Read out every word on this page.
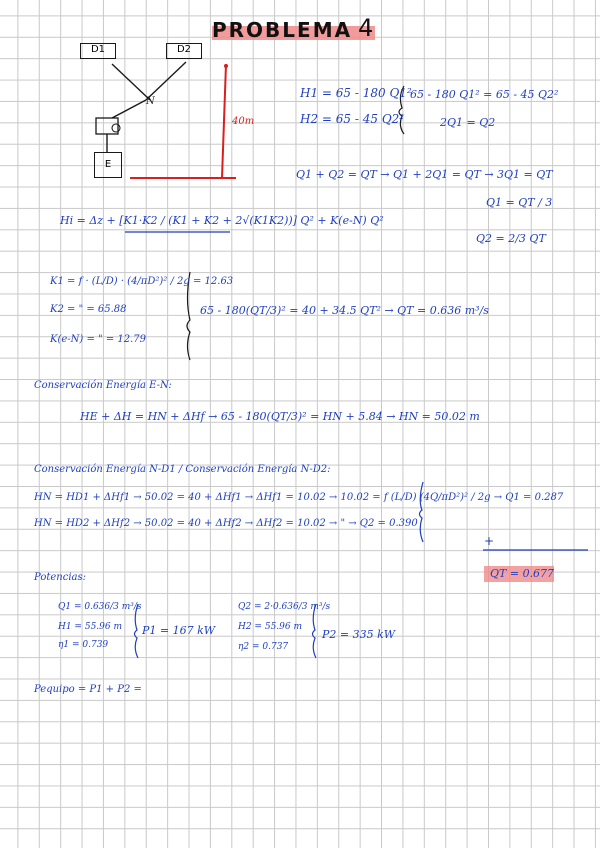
PROBLEMA 4
D1	D2
E
N
40m
H1 = 65 - 180 Q1²
H2 = 65 - 45 Q2²
65 - 180 Q1² = 65 - 45 Q2²
2Q1 = Q2
Q1 + Q2 = QT → Q1 + 2Q1 = QT → 3Q1 = QT
Q1 = QT / 3
Q2 = 2/3 QT
Hi = Δz + [K1·K2 / (K1 + K2 + 2√(K1K2))] Q² + K(e-N) Q²
K1 = f · (L/D) · (4/πD²)² / 2g = 12.63
K2 = " = 65.88
K(e-N) = " = 12.79
65 - 180(QT/3)² = 40 + 34.5 QT² → QT = 0.636 m³/s
Conservación Energía E-N:
HE + ΔH = HN + ΔHf → 65 - 180(QT/3)² = HN + 5.84 → HN = 50.02 m
Conservación Energía N-D1 / Conservación Energía N-D2:
HN = HD1 + ΔHf1 → 50.02 = 40 + ΔHf1 → ΔHf1 = 10.02 → 10.02 = f (L/D) (4Q/πD²)² / 2g → Q1 = 0.287
HN = HD2 + ΔHf2 → 50.02 = 40 + ΔHf2 → ΔHf2 = 10.02 → " → Q2 = 0.390
+
QT = 0.677
Potencias:
Q1 = 0.636/3 m³/s
H1 = 55.96 m
η1 = 0.739
P1 = 167 kW
Q2 = 2·0.636/3 m³/s
H2 = 55.96 m
η2 = 0.737
P2 = 335 kW
Pequipo = P1 + P2 =
